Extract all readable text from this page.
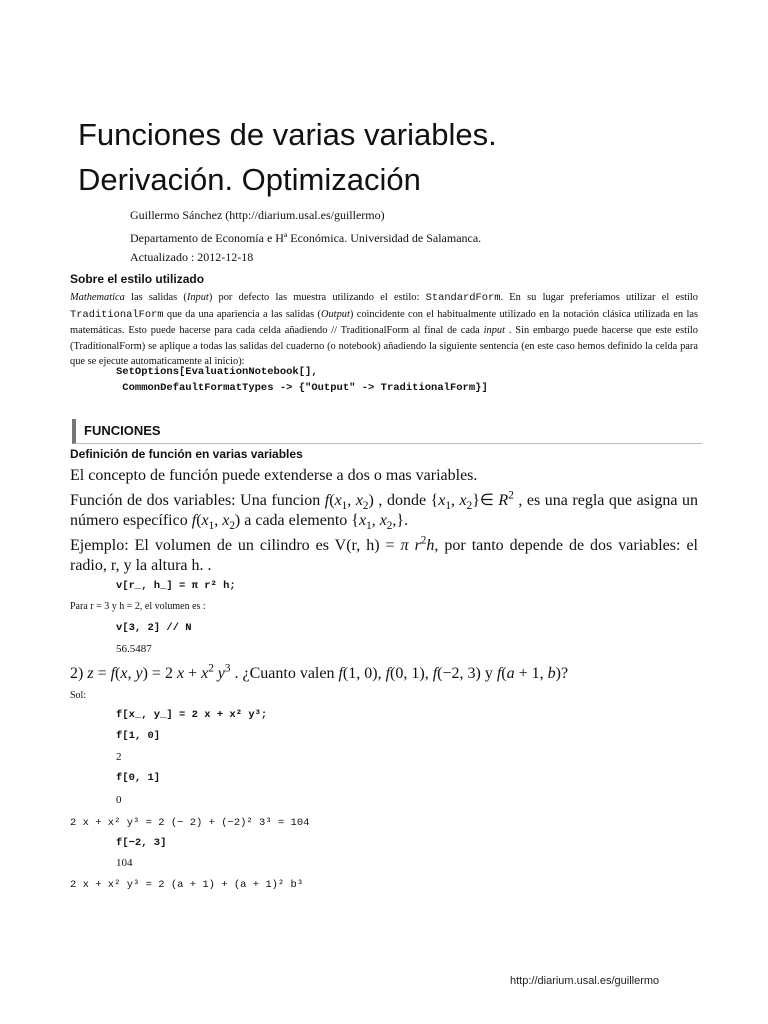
Funciones de varias variables.
Derivación. Optimización
Guillermo Sánchez (http://diarium.usal.es/guillermo)
Departamento de Economía e Hª Económica. Universidad de Salamanca.
Actualizado : 2012-12-18
Sobre el estilo utilizado
Mathematica las salidas (Input) por defecto las muestra utilizando el estilo: StandardForm. En su lugar preferiamos utilizar el estilo TraditionalForm que da una apariencia a las salidas (Output) coincidente con el habitualmente utilizado en la notación clásica utilizada en las matemáticas. Esto puede hacerse para cada celda añadiendo // TraditionalForm al final de cada input . Sin embargo puede hacerse que este estilo (TraditionalForm) se aplique a todas las salidas del cuaderno (o notebook) añadiendo la siguiente sentencia (en este caso hemos definido la celda para que se ejecute automaticamente al inicio):
SetOptions[EvaluationNotebook[],
CommonDefaultFormatTypes -> {"Output" -> TraditionalForm}]
FUNCIONES
Definición de función en varias variables
El concepto de función puede extenderse a dos o mas variables.
Función de dos variables: Una funcion $f(x_1$, $x_2$) , donde {$x_1$, $x_2\}\in$ $R^2$ , es una regla que asigna un número específico $f(x_1$, $x_2$) a cada elemento {$x_1$, $x_2$,}.
Ejemplo: El volumen de un cilindro es V(r, h) = π $r^2h$, por tanto depende de dos variables: el radio, r, y la altura h. .
v[r_, h_] = π r² h;
Para r = 3 y h = 2, el volumen es :
v[3, 2] // N
56.5487
2) z = f(x, y) = 2 $x + x^2$ $y^3$ . ¿Cuanto valen f(1, 0), f(0, 1), f(−2, 3) y f(a + 1, b)?
Sol:
f[x_, y_] = 2 x + x² y³;
f[1, 0]
2
f[0, 1]
0
2 x + x² y³ = 2 (− 2) + (−2)² 3³ = 104
f[−2, 3]
104
2 x + x² y³ = 2 (a + 1) + (a + 1)² b³
http://diarium.usal.es/guillermo
